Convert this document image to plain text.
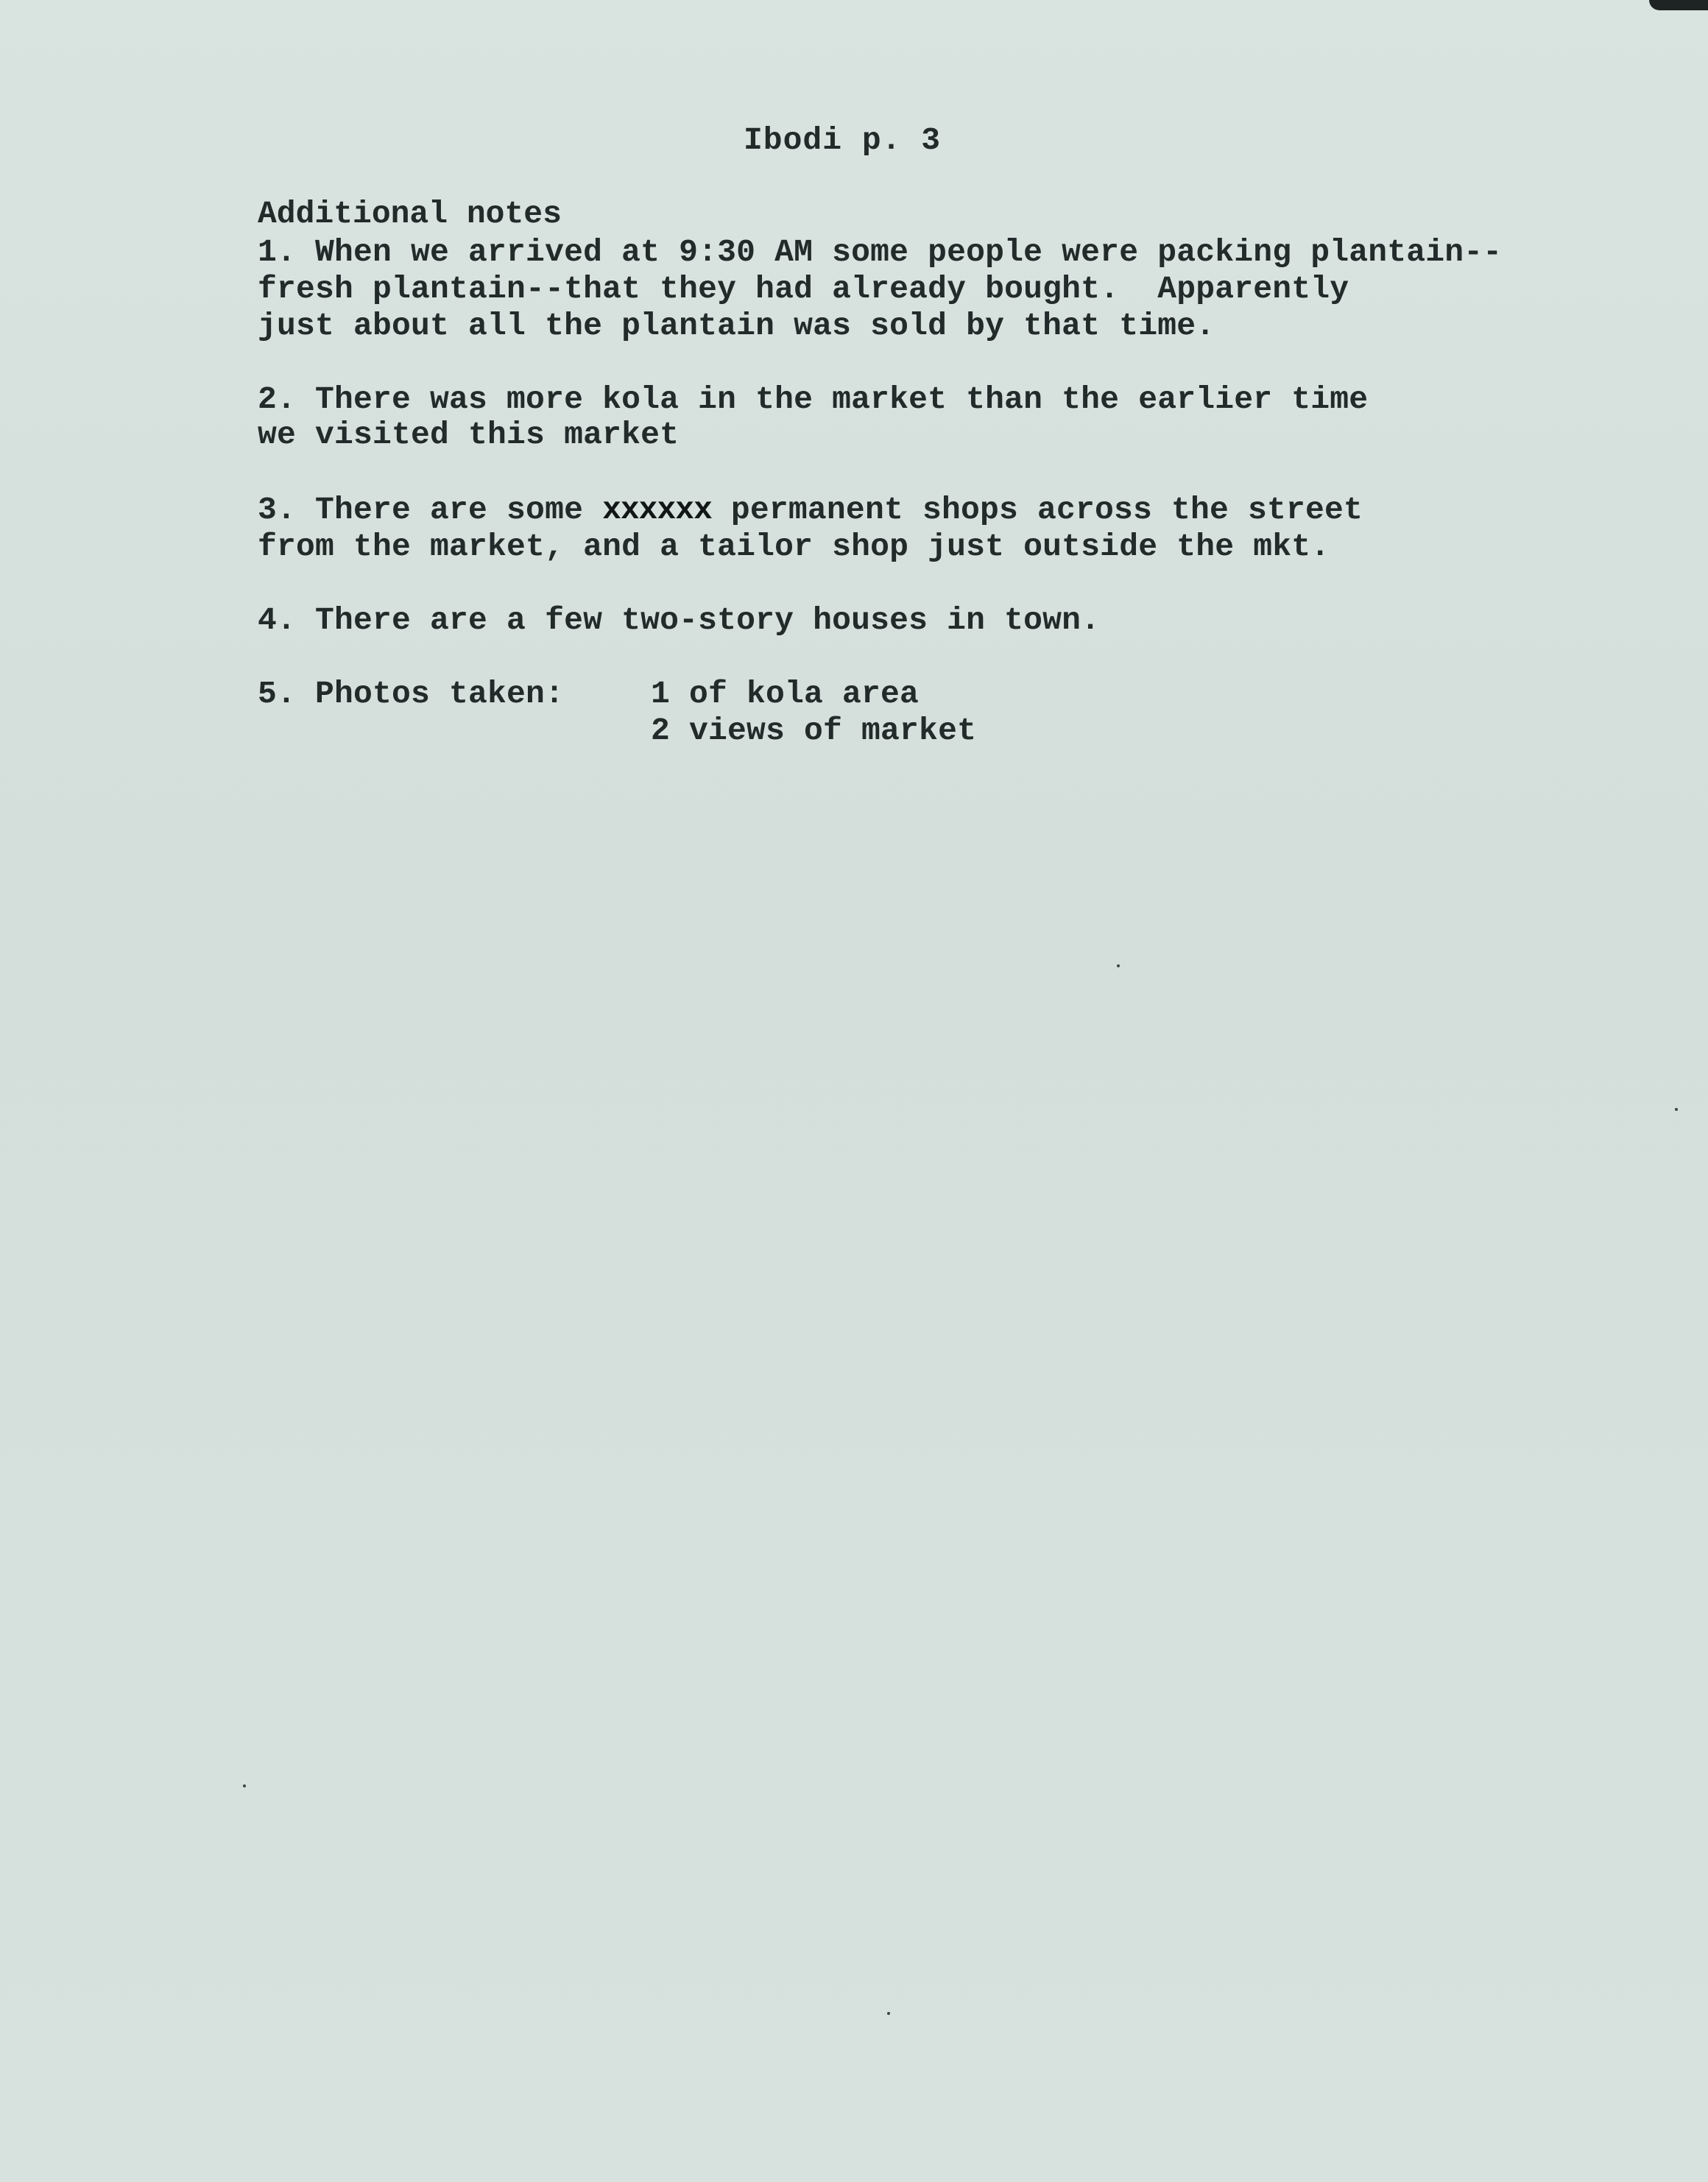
Ibodi p. 3
Additional notes
1. When we arrived at 9:30 AM some people were packing plantain--
fresh plantain--that they had already bought.  Apparently
just about all the plantain was sold by that time.
2. There was more kola in the market than the earlier time
we visited this market
3. There are some xxxxxx permanent shops across the street
from the market, and a tailor shop just outside the mkt.
4. There are a few two-story houses in town.
5. Photos taken:	1 of kola area
2 views of market
